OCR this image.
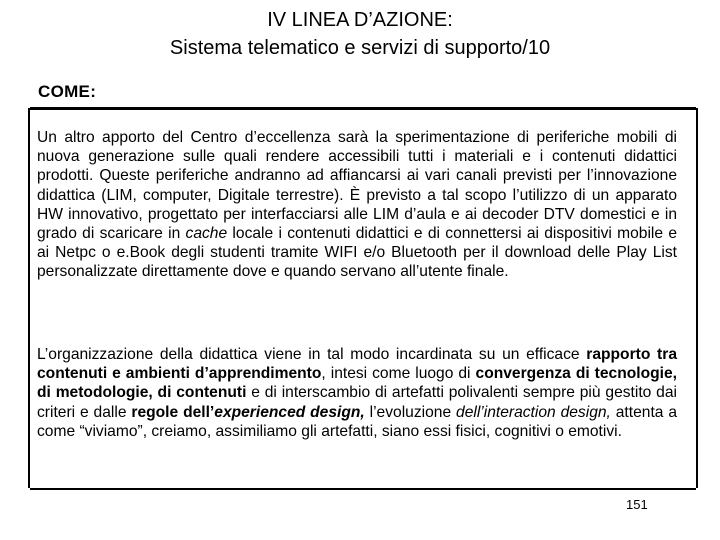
IV LINEA D’AZIONE:
Sistema telematico e servizi di supporto/10
COME:
Un altro apporto del Centro d’eccellenza sarà la sperimentazione di periferiche mobili di nuova generazione sulle quali rendere accessibili tutti i materiali e i contenuti didattici prodotti. Queste periferiche andranno ad affiancarsi ai vari canali previsti per l’innovazione didattica (LIM, computer, Digitale terrestre). È previsto a tal scopo l’utilizzo di un apparato HW innovativo, progettato per interfacciarsi alle LIM d’aula e ai decoder DTV domestici e in grado di scaricare in cache locale i contenuti didattici e di connettersi ai dispositivi mobile e ai Netpc o e.Book degli studenti tramite WIFI e/o Bluetooth per il download delle Play List personalizzate direttamente dove e quando servano all’utente finale.
L’organizzazione della didattica viene in tal modo incardinata su un efficace rapporto tra contenuti e ambienti d’apprendimento, intesi come luogo di convergenza di tecnologie, di metodologie, di contenuti e di interscambio di artefatti polivalenti sempre più gestito dai criteri e dalle regole dell’experienced design, l’evoluzione dell’interaction design, attenta a come “viviamo”, creiamo, assimiliamo gli artefatti, siano essi fisici, cognitivi o emotivi.
151
